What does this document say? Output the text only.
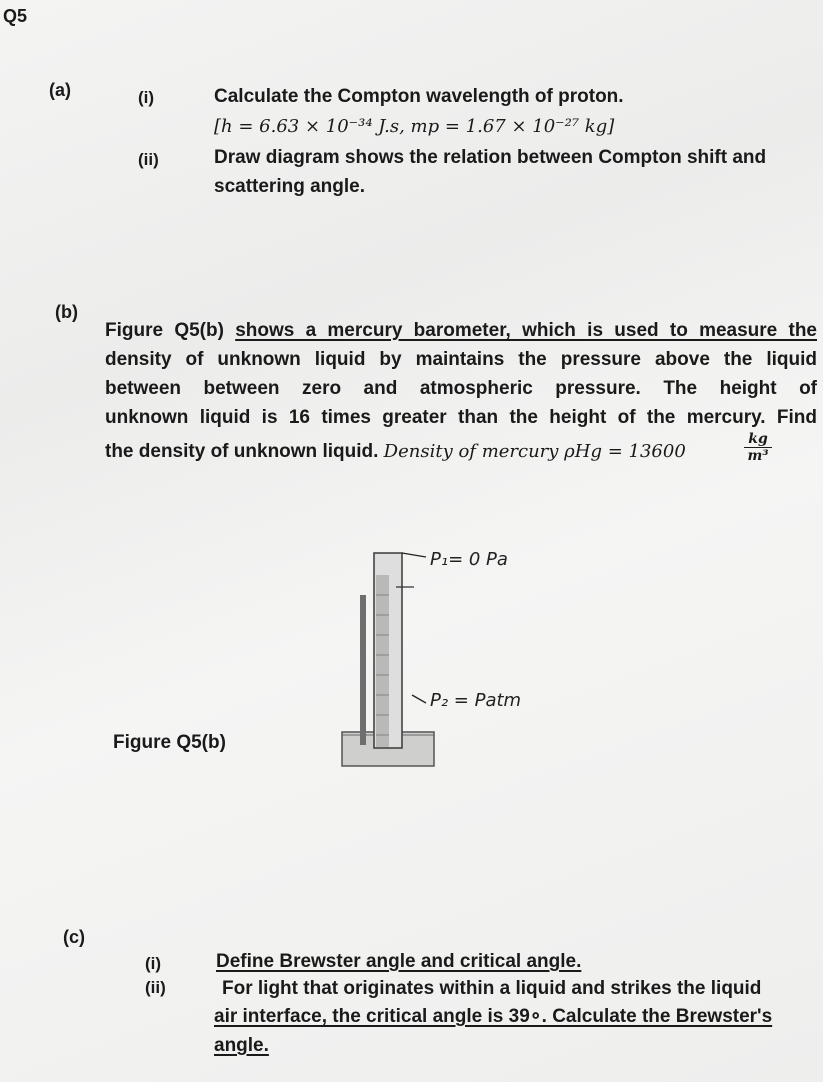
Q5
(a)	(i)	Calculate the Compton wavelength of proton.
[h = 6.63 × 10⁻³⁴ J.s, mp = 1.67 × 10⁻²⁷ kg]
(ii)	Draw diagram shows the relation between Compton shift and
scattering angle.
(b)
Figure Q5(b) shows a mercury barometer, which is used to measure the
density of unknown liquid by maintains the pressure above the liquid
between between zero and atmospheric pressure. The height of
unknown liquid is 16 times greater than the height of the mercury. Find
the density of unknown liquid. Density of mercury ρHg = 13600	$\frac{kg}{\text{m³}}$
P₁= 0 Pa
P₂ = Patm
Figure Q5(b)
(c)
(i)
(ii)
Define Brewster angle and critical angle.
For light that originates within a liquid and strikes the liquid
air interface, the critical angle is 39∘. Calculate the Brewster's
angle.
